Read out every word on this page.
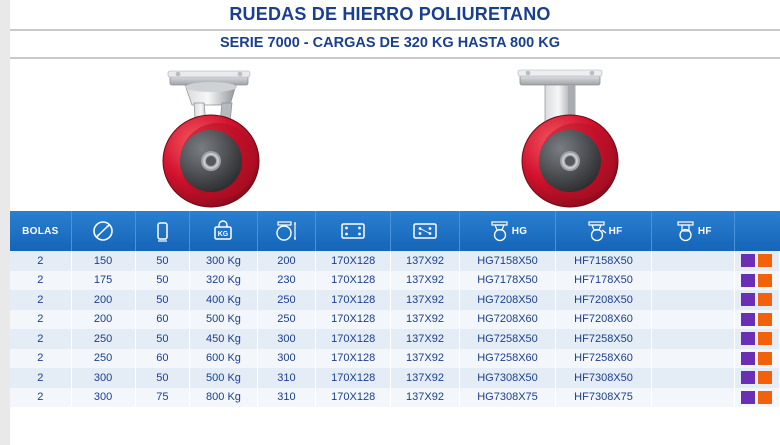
RUEDAS DE HIERRO POLIURETANO
SERIE 7000 - CARGAS DE 320 KG HASTA 800 KG
BOLAS			KG				HG	HF	HF	
2	150	50	300 Kg	200	170X128	137X92	HG7158X50	HF7158X50		
2	175	50	320 Kg	230	170X128	137X92	HG7178X50	HF7178X50		
2	200	50	400 Kg	250	170X128	137X92	HG7208X50	HF7208X50		
2	200	60	500 Kg	250	170X128	137X92	HG7208X60	HF7208X60		
2	250	50	450 Kg	300	170X128	137X92	HG7258X50	HF7258X50		
2	250	60	600 Kg	300	170X128	137X92	HG7258X60	HF7258X60		
2	300	50	500 Kg	310	170X128	137X92	HG7308X50	HF7308X50		
2	300	75	800 Kg	310	170X128	137X92	HG7308X75	HF7308X75		
